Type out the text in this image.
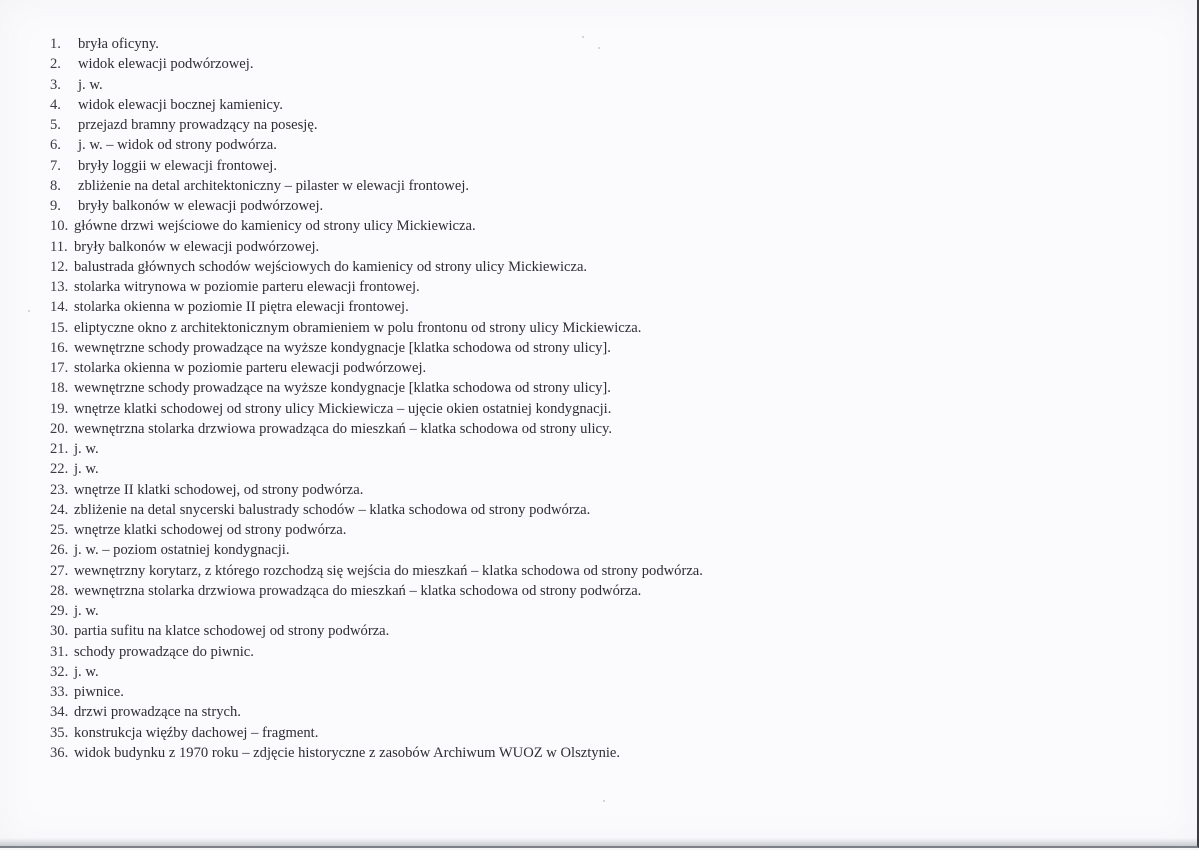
1.	bryła oficyny.
2.	widok elewacji podwórzowej.
3.	j. w.
4.	widok elewacji bocznej kamienicy.
5.	przejazd bramny prowadzący na posesję.
6.	j. w. – widok od strony podwórza.
7.	bryły loggii w elewacji frontowej.
8.	zbliżenie na detal architektoniczny – pilaster w elewacji frontowej.
9.	bryły balkonów w elewacji podwórzowej.
10. główne drzwi wejściowe do kamienicy od strony ulicy Mickiewicza.
11. bryły balkonów w elewacji podwórzowej.
12. balustrada głównych schodów wejściowych do kamienicy od strony ulicy Mickiewicza.
13. stolarka witrynowa w poziomie parteru elewacji frontowej.
14. stolarka okienna w poziomie II piętra elewacji frontowej.
15. eliptyczne okno z architektonicznym obramieniem w polu frontonu od strony ulicy Mickiewicza.
16. wewnętrzne schody prowadzące na wyższe kondygnacje [klatka schodowa od strony ulicy].
17. stolarka okienna w poziomie parteru elewacji podwórzowej.
18. wewnętrzne schody prowadzące na wyższe kondygnacje [klatka schodowa od strony ulicy].
19. wnętrze klatki schodowej od strony ulicy Mickiewicza – ujęcie okien ostatniej kondygnacji.
20. wewnętrzna stolarka drzwiowa prowadząca do mieszkań – klatka schodowa od strony ulicy.
21. j. w.
22. j. w.
23. wnętrze II klatki schodowej, od strony podwórza.
24. zbliżenie na detal snycerski balustrady schodów – klatka schodowa od strony podwórza.
25. wnętrze klatki schodowej od strony podwórza.
26. j. w. – poziom ostatniej kondygnacji.
27. wewnętrzny korytarz, z którego rozchodzą się wejścia do mieszkań – klatka schodowa od strony podwórza.
28. wewnętrzna stolarka drzwiowa prowadząca do mieszkań – klatka schodowa od strony podwórza.
29. j. w.
30. partia sufitu na klatce schodowej od strony podwórza.
31. schody prowadzące do piwnic.
32. j. w.
33. piwnice.
34. drzwi prowadzące na strych.
35. konstrukcja więźby dachowej – fragment.
36. widok budynku z 1970 roku – zdjęcie historyczne z zasobów Archiwum WUOZ w Olsztynie.
